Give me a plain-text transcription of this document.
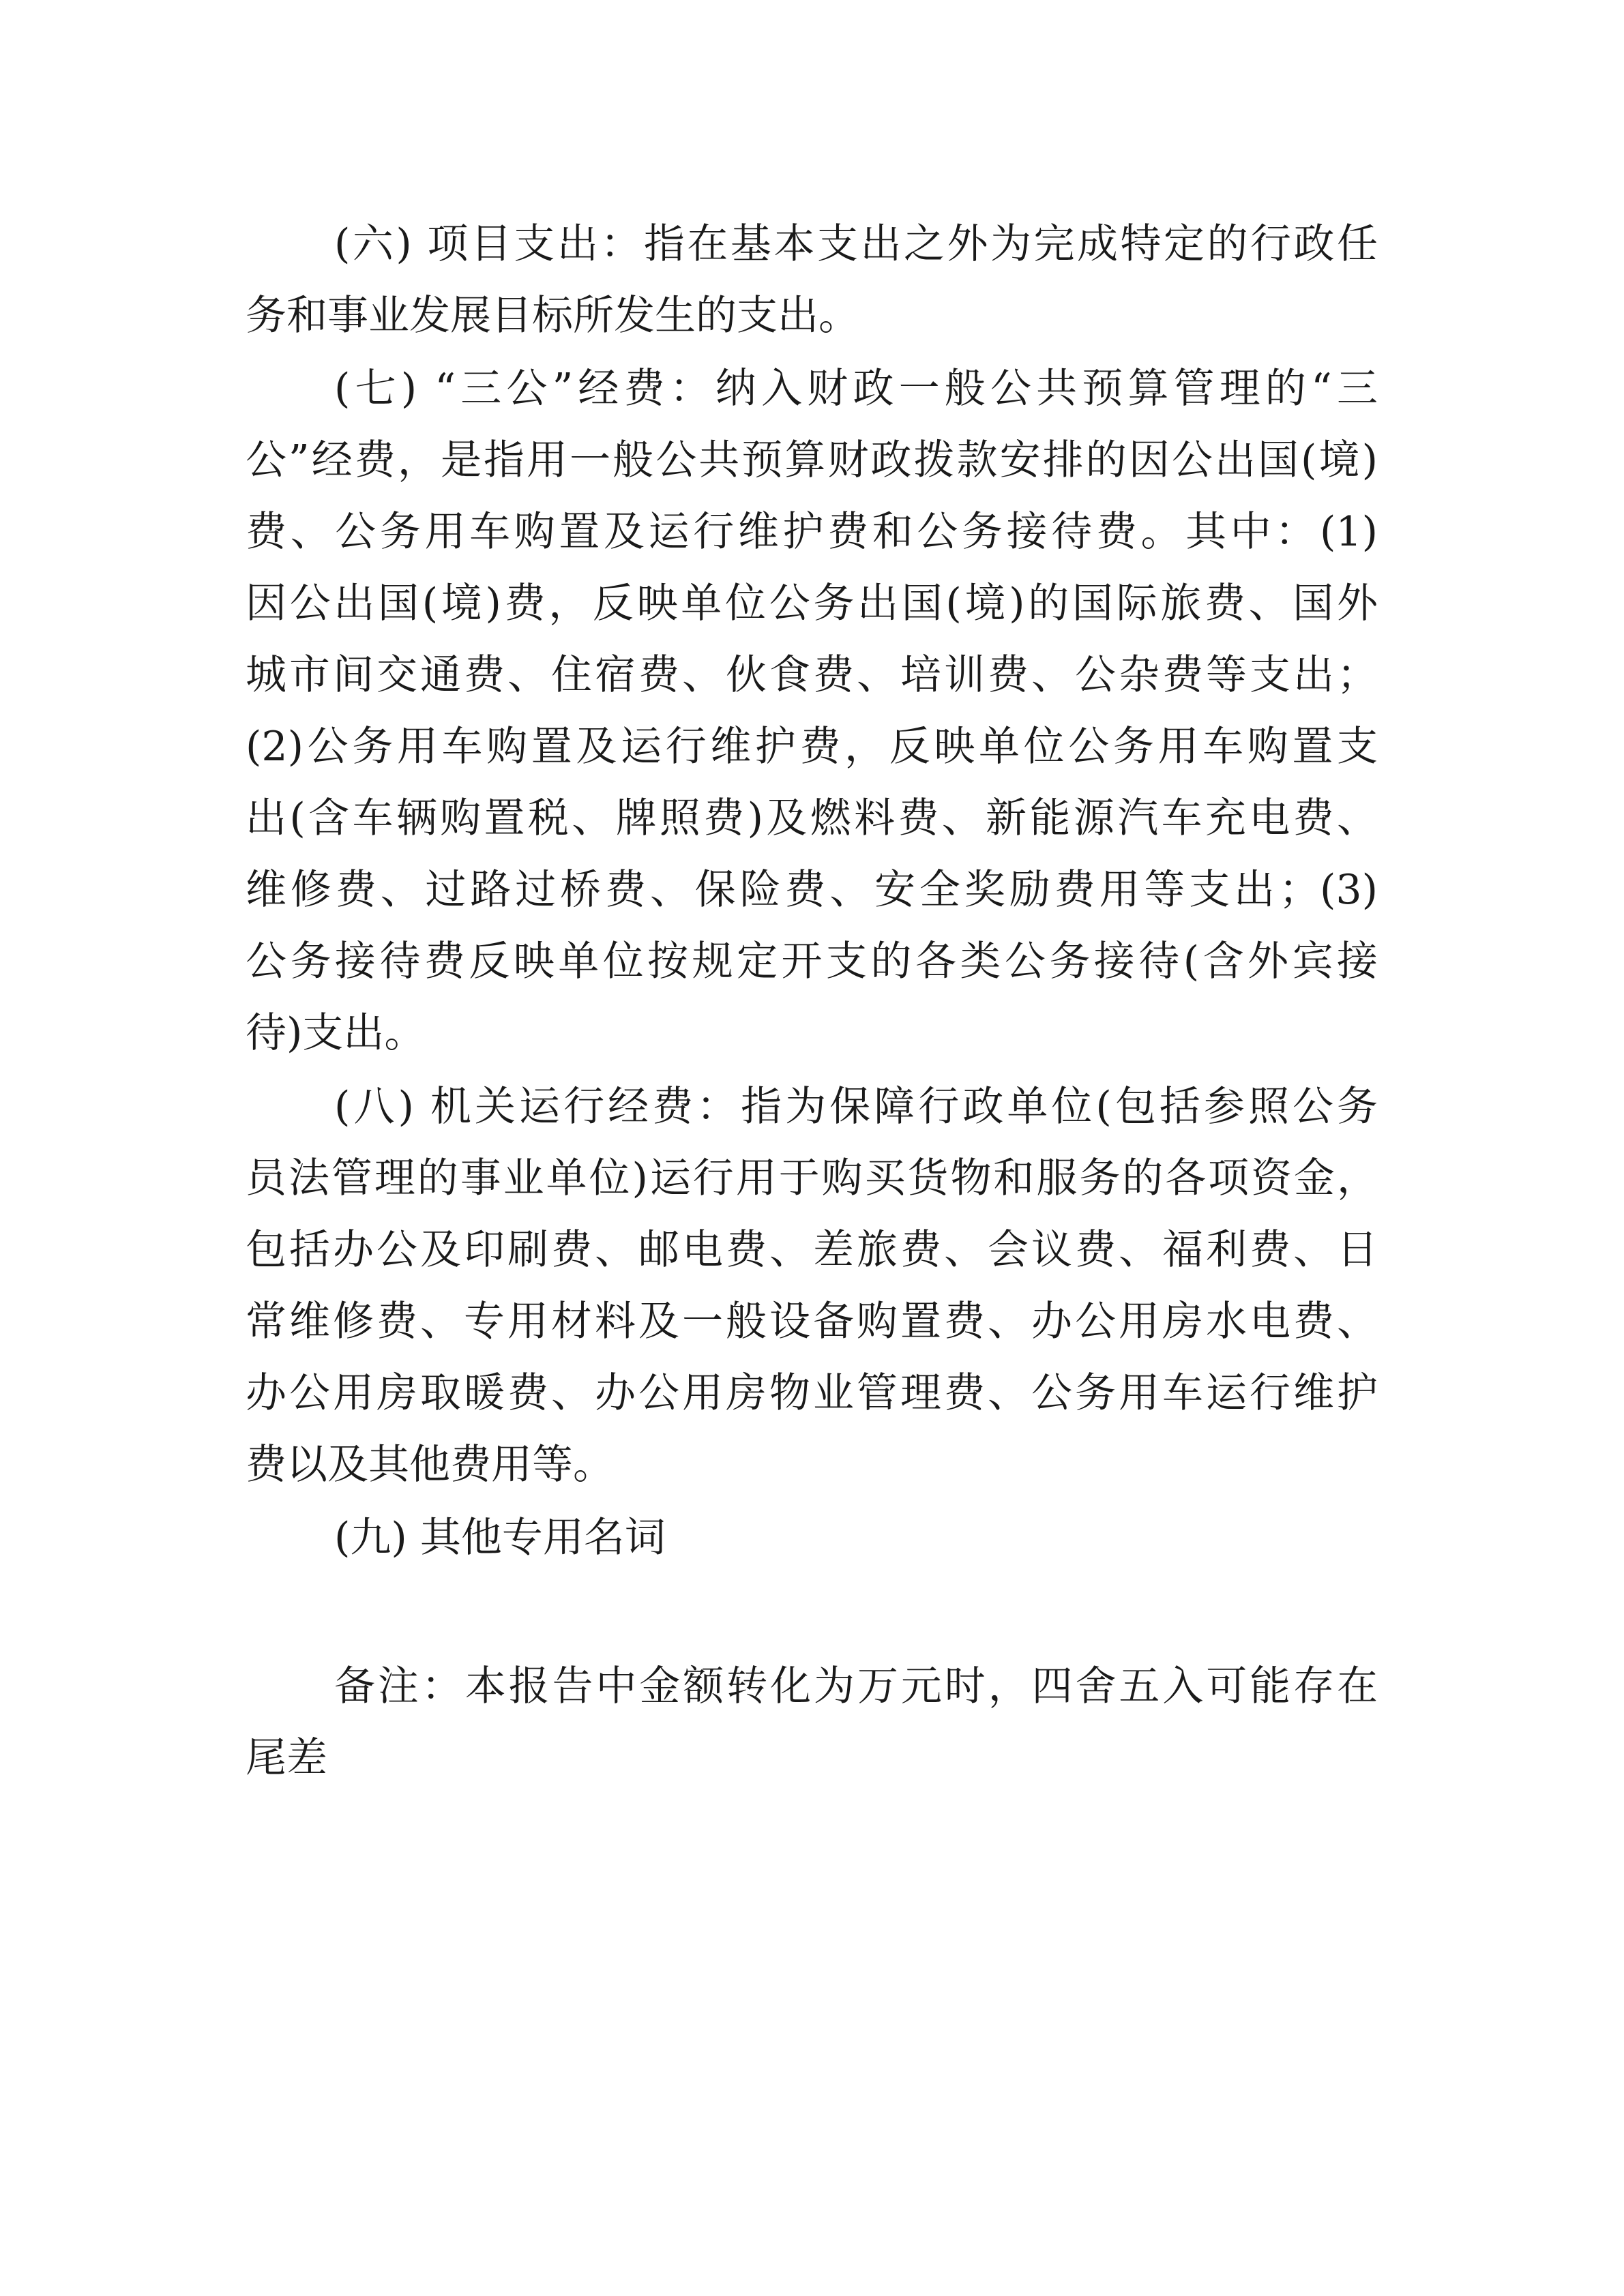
(六) 项目支出：指在基本支出之外为完成特定的行政任
务和事业发展目标所发生的支出。
(七) “三公”经费：纳入财政一般公共预算管理的“三
公”经费，是指用一般公共预算财政拨款安排的因公出国(境)
费、公务用车购置及运行维护费和公务接待费。其中：(1)
因公出国(境)费，反映单位公务出国(境)的国际旅费、国外
城市间交通费、住宿费、伙食费、培训费、公杂费等支出；
(2)公务用车购置及运行维护费，反映单位公务用车购置支
出(含车辆购置税、牌照费)及燃料费、新能源汽车充电费、
维修费、过路过桥费、保险费、安全奖励费用等支出；(3)
公务接待费反映单位按规定开支的各类公务接待(含外宾接
待)支出。
(八) 机关运行经费：指为保障行政单位(包括参照公务
员法管理的事业单位)运行用于购买货物和服务的各项资金，
包括办公及印刷费、邮电费、差旅费、会议费、福利费、日
常维修费、专用材料及一般设备购置费、办公用房水电费、
办公用房取暖费、办公用房物业管理费、公务用车运行维护
费以及其他费用等。
(九) 其他专用名词
备注：本报告中金额转化为万元时，四舍五入可能存在
尾差
